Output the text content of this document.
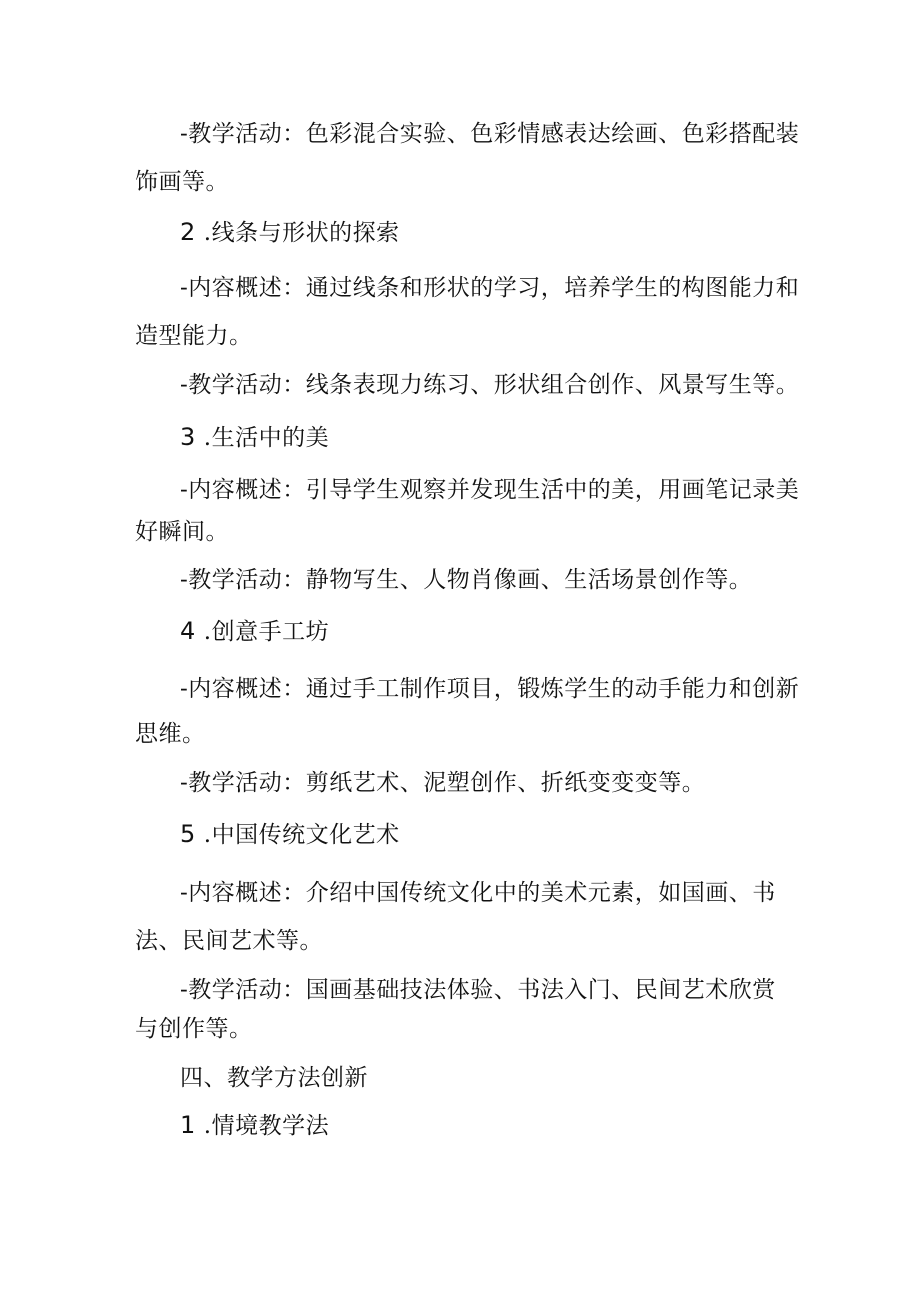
-教学活动：色彩混合实验、色彩情感表达绘画、色彩搭配装
饰画等。
2 .线条与形状的探索
-内容概述：通过线条和形状的学习，培养学生的构图能力和
造型能力。
-教学活动：线条表现力练习、形状组合创作、风景写生等。
3 .生活中的美
-内容概述：引导学生观察并发现生活中的美，用画笔记录美
好瞬间。
-教学活动：静物写生、人物肖像画、生活场景创作等。
4 .创意手工坊
-内容概述：通过手工制作项目，锻炼学生的动手能力和创新
思维。
-教学活动：剪纸艺术、泥塑创作、折纸变变变等。
5 .中国传统文化艺术
-内容概述：介绍中国传统文化中的美术元素，如国画、书
法、民间艺术等。
-教学活动：国画基础技法体验、书法入门、民间艺术欣赏
与创作等。
四、教学方法创新
1 .情境教学法
